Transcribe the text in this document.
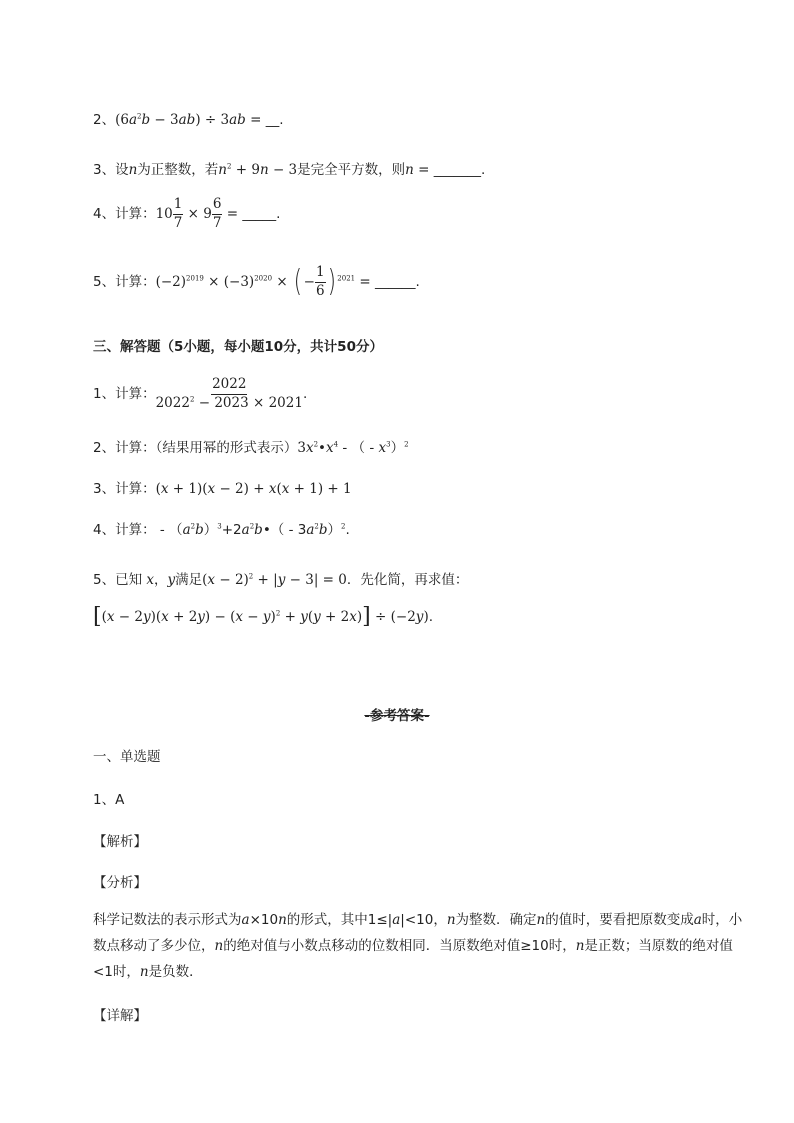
2、$(6a^2b - 3ab) \div 3ab$ = __.
3、设n为正整数，若$n^2 + 9n - 3$是完全平方数，则n = _______.
4、计算：$10 \frac{1}{7} \times 9 \frac{6}{7}$ = _____.
5、计算：$(-2)^{2019} \times (-3)^{2020}$ × ( − $\frac{1}{6}$ ) $^{2021}$ = ______.
三、解答题（5小题，每小题10分，共计50分）
1、计算： $\frac{2022}{2022^2 - 2023 \times 2021}$ .
2、计算：（结果用幂的形式表示）$3x^2•x^4$ - （ - $x^3)^2$
3、计算：(x + 1)(x − 2) + x(x + 1) + 1
4、计算： - $(a^2b)^3+2a^2b•( - 3a^2b)^2$.
5、已知 x，y满足$(x - 2)^2 + |y - 3| = 0$．先化简，再求值：
$[(x - 2y)(x + 2y) - (x - y)^2 + y(y + 2x)] \div (-2y)$.
-参考答案-
一、单选题
1、A
【解析】
【分析】
科学记数法的表示形式为a×10n的形式，其中1≤|a|<10，n为整数．确定n的值时，要看把原数变成a时，小数点移动了多少位，n的绝对值与小数点移动的位数相同．当原数绝对值≥10时，n是正数；当原数的绝对值<1时，n是负数．
【详解】
